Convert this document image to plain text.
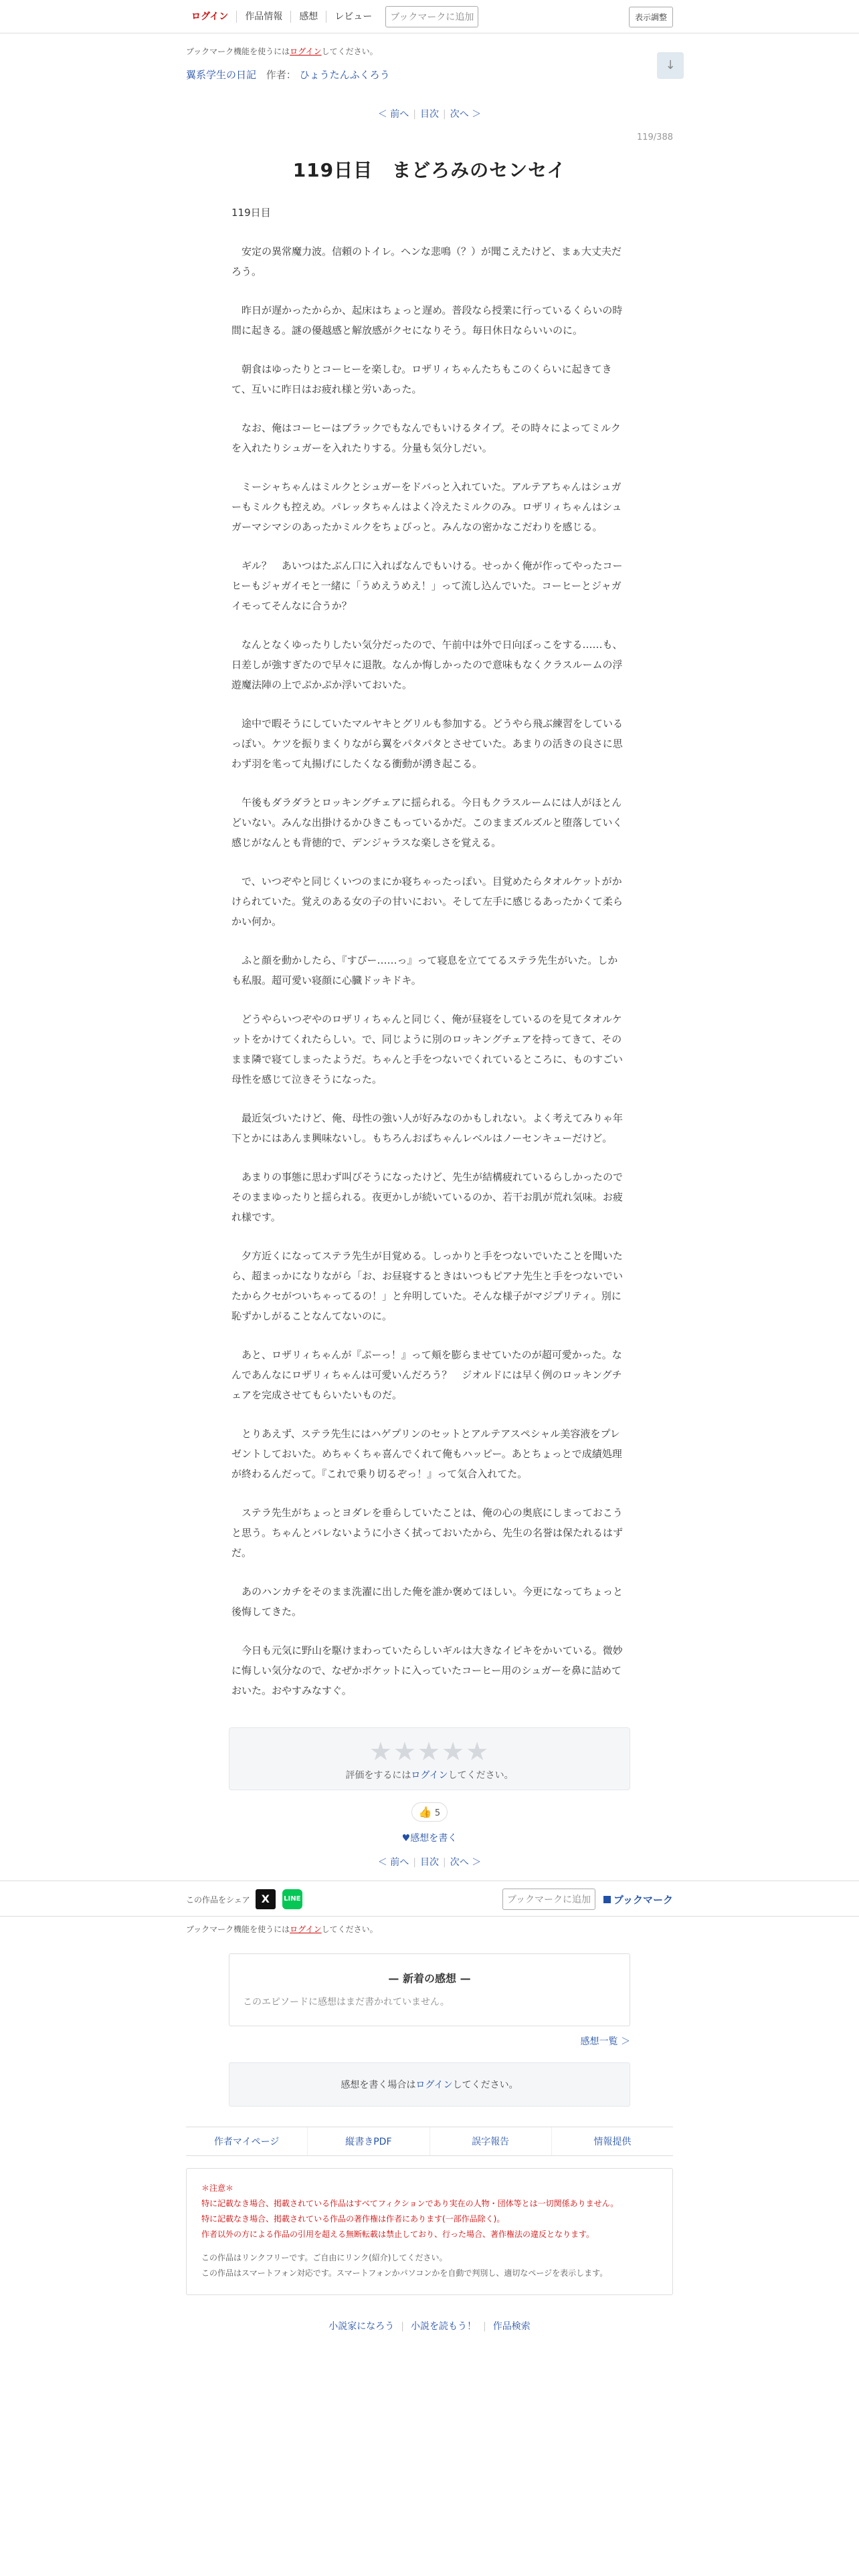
ログイン	作品情報	感想	レビュー	ブックマークに追加	表示調整
↓
ブックマーク機能を使うにはログインしてください。
翼系学生の日記 作者： ひょうたんふくろう
＜ 前へ | 目次 | 次へ ＞
119/388
119日目　まどろみのセンセイ

119日目

　安定の異常魔力波。信頼のトイレ。ヘンな悲鳴（？）が聞こえたけど、まぁ大丈夫だろう。

　昨日が遅かったからか、起床はちょっと遅め。普段なら授業に行っているくらいの時間に起きる。謎の優越感と解放感がクセになりそう。毎日休日ならいいのに。

　朝食はゆったりとコーヒーを楽しむ。ロザリィちゃんたちもこのくらいに起きてきて、互いに昨日はお疲れ様と労いあった。

　なお、俺はコーヒーはブラックでもなんでもいけるタイプ。その時々によってミルクを入れたりシュガーを入れたりする。分量も気分しだい。

　ミーシャちゃんはミルクとシュガーをドバっと入れていた。アルテアちゃんはシュガーもミルクも控えめ。パレッタちゃんはよく冷えたミルクのみ。ロザリィちゃんはシュガーマシマシのあったかミルクをちょびっと。みんなの密かなこだわりを感じる。

　ギル？　あいつはたぶん口に入ればなんでもいける。せっかく俺が作ってやったコーヒーもジャガイモと一緒に「うめえうめえ！」って流し込んでいた。コーヒーとジャガイモってそんなに合うか？

　なんとなくゆったりしたい気分だったので、午前中は外で日向ぼっこをする……も、日差しが強すぎたので早々に退散。なんか悔しかったので意味もなくクラスルームの浮遊魔法陣の上でぷかぷか浮いておいた。

　途中で暇そうにしていたマルヤキとグリルも参加する。どうやら飛ぶ練習をしているっぽい。ケツを振りまくりながら翼をパタパタとさせていた。あまりの活きの良さに思わず羽を毟って丸揚げにしたくなる衝動が湧き起こる。

　午後もダラダラとロッキングチェアに揺られる。今日もクラスルームには人がほとんどいない。みんな出掛けるかひきこもっているかだ。このままズルズルと堕落していく感じがなんとも背徳的で、デンジャラスな楽しさを覚える。

　で、いつぞやと同じくいつのまにか寝ちゃったっぽい。目覚めたらタオルケットがかけられていた。覚えのある女の子の甘いにおい。そして左手に感じるあったかくて柔らかい何か。

　ふと顔を動かしたら、『すぴー……っ』って寝息を立ててるステラ先生がいた。しかも私服。超可愛い寝顔に心臓ドッキドキ。

　どうやらいつぞやのロザリィちゃんと同じく、俺が昼寝をしているのを見てタオルケットをかけてくれたらしい。で、同じように別のロッキングチェアを持ってきて、そのまま隣で寝てしまったようだ。ちゃんと手をつないでくれているところに、ものすごい母性を感じて泣きそうになった。

　最近気づいたけど、俺、母性の強い人が好みなのかもしれない。よく考えてみりゃ年下とかにはあんま興味ないし。もちろんおばちゃんレベルはノーセンキューだけど。

　あまりの事態に思わず叫びそうになったけど、先生が結構疲れているらしかったのでそのままゆったりと揺られる。夜更かしが続いているのか、若干お肌が荒れ気味。お疲れ様です。

　夕方近くになってステラ先生が目覚める。しっかりと手をつないでいたことを聞いたら、超まっかになりながら「お、お昼寝するときはいつもピアナ先生と手をつないでいたからクセがついちゃってるの！」と弁明していた。そんな様子がマジプリティ。別に恥ずかしがることなんてないのに。

　あと、ロザリィちゃんが『ぷーっ！』って頬を膨らませていたのが超可愛かった。なんであんなにロザリィちゃんは可愛いんだろう？　ジオルドには早く例のロッキングチェアを完成させてもらいたいものだ。

　とりあえず、ステラ先生にはハゲプリンのセットとアルテアスペシャル美容液をプレゼントしておいた。めちゃくちゃ喜んでくれて俺もハッピー。あとちょっとで成績処理が終わるんだって。『これで乗り切るぞっ！』って気合入れてた。

　ステラ先生がちょっとヨダレを垂らしていたことは、俺の心の奥底にしまっておこうと思う。ちゃんとバレないように小さく拭っておいたから、先生の名誉は保たれるはずだ。

　あのハンカチをそのまま洗濯に出した俺を誰か褒めてほしい。今更になってちょっと後悔してきた。

　今日も元気に野山を駆けまわっていたらしいギルは大きなイビキをかいている。微妙に悔しい気分なので、なぜかポケットに入っていたコーヒー用のシュガーを鼻に詰めておいた。おやすみなすぐ。

★★★★★
評価をするにはログインしてください。
👍 5
♥感想を書く
＜ 前へ | 目次 | 次へ ＞
この作品をシェア	X	LINE	ブックマークに追加	ブックマーク
ブックマーク機能を使うにはログインしてください。
— 新着の感想 —
このエピソードに感想はまだ書かれていません。
感想一覧 ＞
感想を書く場合はログインしてください。
作者マイページ	縦書きPDF	誤字報告	情報提供
＊注意＊
特に記載なき場合、掲載されている作品はすべてフィクションであり実在の人物・団体等とは一切関係ありません。
特に記載なき場合、掲載されている作品の著作権は作者にあります(一部作品除く)。
作者以外の方による作品の引用を超える無断転載は禁止しており、行った場合、著作権法の違反となります。
この作品はリンクフリーです。ご自由にリンク(紹介)してください。
この作品はスマートフォン対応です。スマートフォンかパソコンかを自動で判別し、適切なページを表示します。
小説家になろう | 小説を読もう！ | 作品検索
